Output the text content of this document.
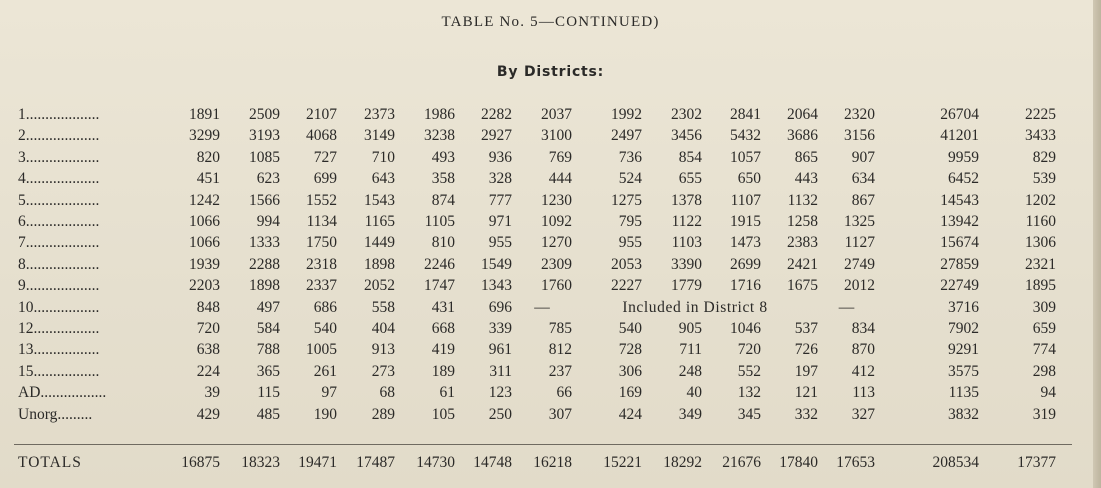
TABLE No. 5—CONTINUED)
By Districts:
1...................	1891	2509	2107	2373	1986	2282	2037	1992	2302	2841	2064	2320	26704	2225
2...................	3299	3193	4068	3149	3238	2927	3100	2497	3456	5432	3686	3156	41201	3433
3...................	820	1085	727	710	493	936	769	736	854	1057	865	907	9959	829
4...................	451	623	699	643	358	328	444	524	655	650	443	634	6452	539
5...................	1242	1566	1552	1543	874	777	1230	1275	1378	1107	1132	867	14543	1202
6...................	1066	994	1134	1165	1105	971	1092	795	1122	1915	1258	1325	13942	1160
7...................	1066	1333	1750	1449	810	955	1270	955	1103	1473	2383	1127	15674	1306
8...................	1939	2288	2318	1898	2246	1549	2309	2053	3390	2699	2421	2749	27859	2321
9...................	2203	1898	2337	2052	1747	1343	1760	2227	1779	1716	1675	2012	22749	1895
10.................	848	497	686	558	431	696	—	Included in District 8				—	3716	309
12.................	720	584	540	404	668	339	785	540	905	1046	537	834	7902	659
13.................	638	788	1005	913	419	961	812	728	711	720	726	870	9291	774
15.................	224	365	261	273	189	311	237	306	248	552	197	412	3575	298
AD.................	39	115	97	68	61	123	66	169	40	132	121	113	1135	94
Unorg.........	429	485	190	289	105	250	307	424	349	345	332	327	3832	319
TOTALS	16875	18323	19471	17487	14730	14748	16218	15221	18292	21676	17840	17653	208534	17377
